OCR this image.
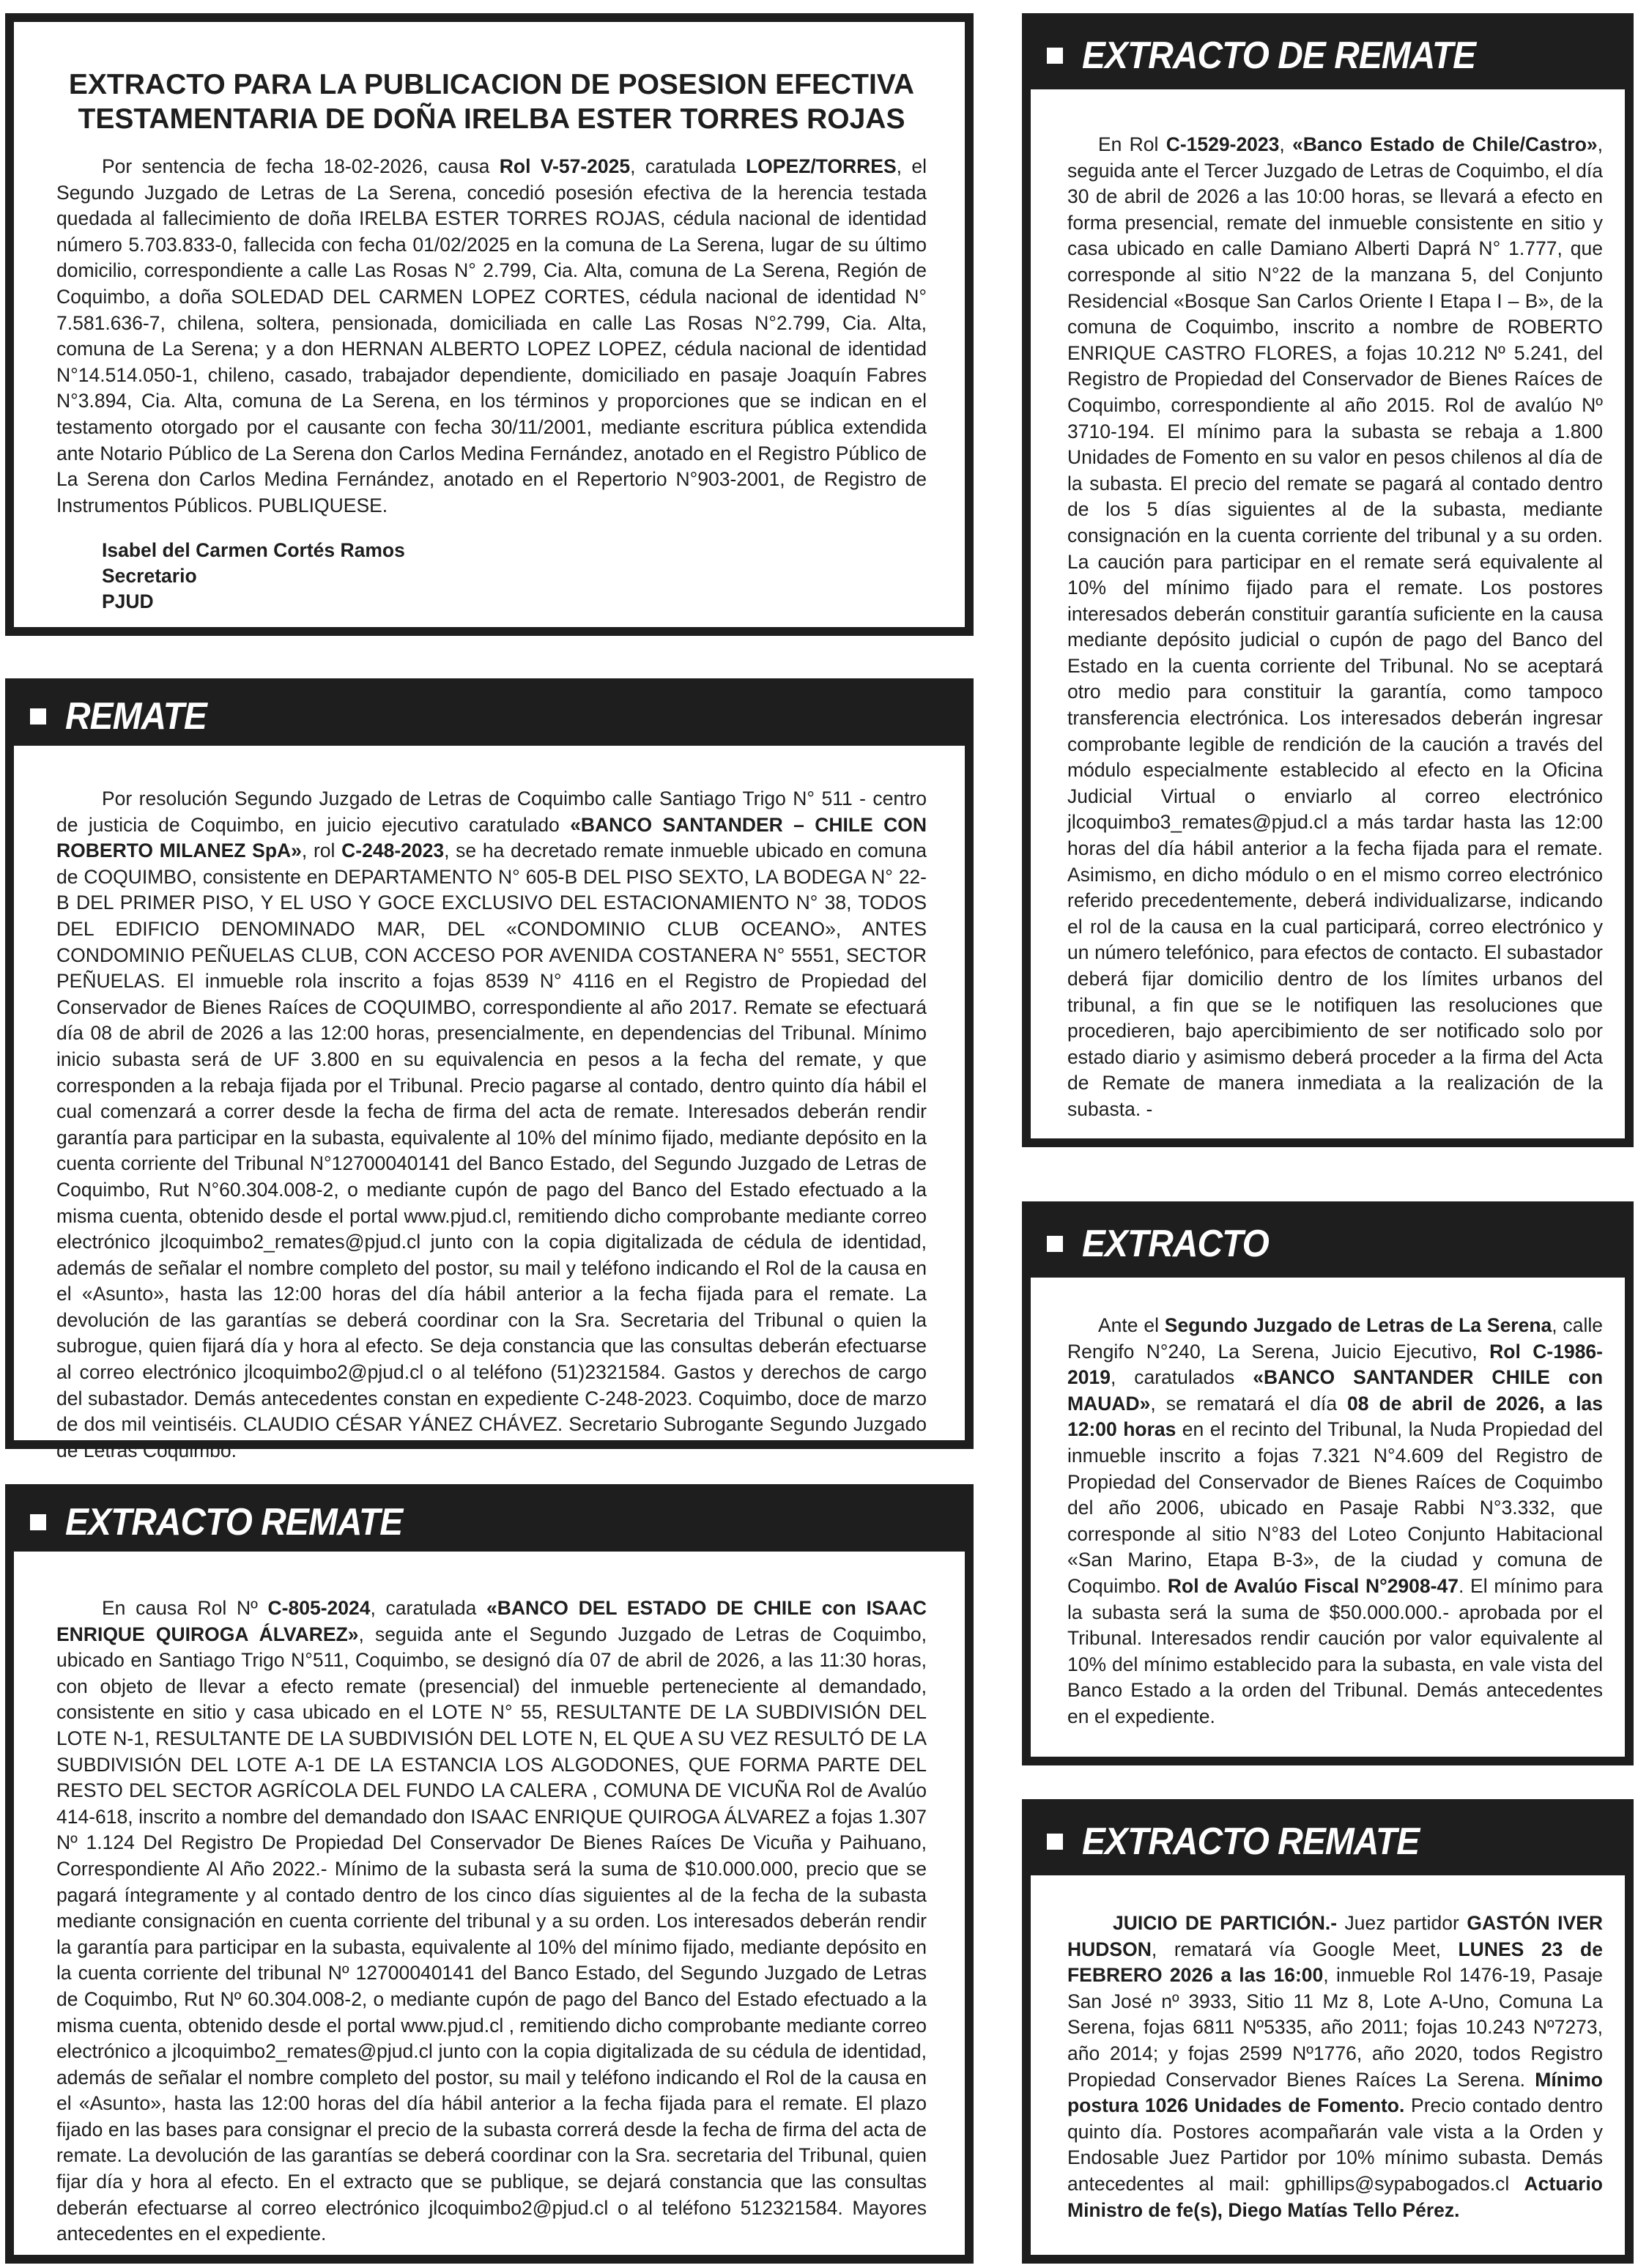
EXTRACTO PARA LA PUBLICACION DE POSESION EFECTIVA
TESTAMENTARIA DE DOÑA IRELBA ESTER TORRES ROJAS

Por sentencia de fecha 18-02-2026, causa Rol V-57-2025, caratulada LOPEZ/TORRES, el Segundo Juzgado de Letras de La Serena, concedió posesión efectiva de la herencia testada quedada al fallecimiento de doña IRELBA ESTER TORRES ROJAS, cédula nacional de identidad número 5.703.833-0, fallecida con fecha 01/02/2025 en la comuna de La Serena, lugar de su último domicilio, correspondiente a calle Las Rosas N° 2.799, Cia. Alta, comuna de La Serena, Región de Coquimbo, a doña SOLEDAD DEL CARMEN LOPEZ CORTES, cédula nacional de identidad N° 7.581.636-7, chilena, soltera, pensionada, domiciliada en calle Las Rosas N°2.799, Cia. Alta, comuna de La Serena; y a don HERNAN ALBERTO LOPEZ LOPEZ, cédula nacional de identidad N°14.514.050-1, chileno, casado, trabajador dependiente, domiciliado en pasaje Joaquín Fabres N°3.894, Cia. Alta, comuna de La Serena, en los términos y proporciones que se indican en el testamento otorgado por el causante con fecha 30/11/2001, mediante escritura pública extendida ante Notario Público de La Serena don Carlos Medina Fernández, anotado en el Registro Público de La Serena don Carlos Medina Fernández, anotado en el Repertorio N°903-2001, de Registro de Instrumentos Públicos. PUBLIQUESE.

Isabel del Carmen Cortés Ramos
Secretario
PJUD
REMATE

Por resolución Segundo Juzgado de Letras de Coquimbo calle Santiago Trigo N° 511 - centro de justicia de Coquimbo, en juicio ejecutivo caratulado «BANCO SANTANDER – CHILE CON ROBERTO MILANEZ SpA», rol C-248-2023, se ha decretado remate inmueble ubicado en comuna de COQUIMBO, consistente en DEPARTAMENTO N° 605-B DEL PISO SEXTO, LA BODEGA N° 22-B DEL PRIMER PISO, Y EL USO Y GOCE EXCLUSIVO DEL ESTACIONAMIENTO N° 38, TODOS DEL EDIFICIO DENOMINADO MAR, DEL «CONDOMINIO CLUB OCEANO», ANTES CONDOMINIO PEÑUELAS CLUB, CON ACCESO POR AVENIDA COSTANERA N° 5551, SECTOR PEÑUELAS. El inmueble rola inscrito a fojas 8539 N° 4116 en el Registro de Propiedad del Conservador de Bienes Raíces de COQUIMBO, correspondiente al año 2017. Remate se efectuará día 08 de abril de 2026 a las 12:00 horas, presencialmente, en dependencias del Tribunal. Mínimo inicio subasta será de UF 3.800 en su equivalencia en pesos a la fecha del remate, y que corresponden a la rebaja fijada por el Tribunal. Precio pagarse al contado, dentro quinto día hábil el cual comenzará a correr desde la fecha de firma del acta de remate. Interesados deberán rendir garantía para participar en la subasta, equivalente al 10% del mínimo fijado, mediante depósito en la cuenta corriente del Tribunal N°12700040141 del Banco Estado, del Segundo Juzgado de Letras de Coquimbo, Rut N°60.304.008-2, o mediante cupón de pago del Banco del Estado efectuado a la misma cuenta, obtenido desde el portal www.pjud.cl, remitiendo dicho comprobante mediante correo electrónico jlcoquimbo2_remates@pjud.cl junto con la copia digitalizada de cédula de identidad, además de señalar el nombre completo del postor, su mail y teléfono indicando el Rol de la causa en el «Asunto», hasta las 12:00 horas del día hábil anterior a la fecha fijada para el remate. La devolución de las garantías se deberá coordinar con la Sra. Secretaria del Tribunal o quien la subrogue, quien fijará día y hora al efecto. Se deja constancia que las consultas deberán efectuarse al correo electrónico jlcoquimbo2@pjud.cl o al teléfono (51)2321584. Gastos y derechos de cargo del subastador. Demás antecedentes constan en expediente C-248-2023. Coquimbo, doce de marzo de dos mil veintiséis. CLAUDIO CÉSAR YÁNEZ CHÁVEZ. Secretario Subrogante Segundo Juzgado de Letras Coquimbo.

EXTRACTO REMATE

En causa Rol Nº C-805-2024, caratulada «BANCO DEL ESTADO DE CHILE con ISAAC ENRIQUE QUIROGA ÁLVAREZ», seguida ante el Segundo Juzgado de Letras de Coquimbo, ubicado en Santiago Trigo N°511, Coquimbo, se designó día 07 de abril de 2026, a las 11:30 horas, con objeto de llevar a efecto remate (presencial) del inmueble perteneciente al demandado, consistente en sitio y casa ubicado en el LOTE N° 55, RESULTANTE DE LA SUBDIVISIÓN DEL LOTE N-1, RESULTANTE DE LA SUBDIVISIÓN DEL LOTE N, EL QUE A SU VEZ RESULTÓ DE LA SUBDIVISIÓN DEL LOTE A-1 DE LA ESTANCIA LOS ALGODONES, QUE FORMA PARTE DEL RESTO DEL SECTOR AGRÍCOLA DEL FUNDO LA CALERA , COMUNA DE VICUÑA Rol de Avalúo 414-618, inscrito a nombre del demandado don ISAAC ENRIQUE QUIROGA ÁLVAREZ a fojas 1.307 Nº 1.124 Del Registro De Propiedad Del Conservador De Bienes Raíces De Vicuña y Paihuano, Correspondiente Al Año 2022.- Mínimo de la subasta será la suma de $10.000.000, precio que se pagará íntegramente y al contado dentro de los cinco días siguientes al de la fecha de la subasta mediante consignación en cuenta corriente del tribunal y a su orden. Los interesados deberán rendir la garantía para participar en la subasta, equivalente al 10% del mínimo fijado, mediante depósito en la cuenta corriente del tribunal Nº 12700040141 del Banco Estado, del Segundo Juzgado de Letras de Coquimbo, Rut Nº 60.304.008-2, o mediante cupón de pago del Banco del Estado efectuado a la misma cuenta, obtenido desde el portal www.pjud.cl , remitiendo dicho comprobante mediante correo electrónico a jlcoquimbo2_remates@pjud.cl junto con la copia digitalizada de su cédula de identidad, además de señalar el nombre completo del postor, su mail y teléfono indicando el Rol de la causa en el «Asunto», hasta las 12:00 horas del día hábil anterior a la fecha fijada para el remate. El plazo fijado en las bases para consignar el precio de la subasta correrá desde la fecha de firma del acta de remate. La devolución de las garantías se deberá coordinar con la Sra. secretaria del Tribunal, quien fijar día y hora al efecto. En el extracto que se publique, se dejará constancia que las consultas deberán efectuarse al correo electrónico jlcoquimbo2@pjud.cl o al teléfono 512321584. Mayores antecedentes en el expediente.

EXTRACTO DE REMATE

En Rol C-1529-2023, «Banco Estado de Chile/Castro», seguida ante el Tercer Juzgado de Letras de Coquimbo, el día 30 de abril de 2026 a las 10:00 horas, se llevará a efecto en forma presencial, remate del inmueble consistente en sitio y casa ubicado en calle Damiano Alberti Daprá N° 1.777, que corresponde al sitio N°22 de la manzana 5, del Conjunto Residencial «Bosque San Carlos Oriente I Etapa I – B», de la comuna de Coquimbo, inscrito a nombre de ROBERTO ENRIQUE CASTRO FLORES, a fojas 10.212 Nº 5.241, del Registro de Propiedad del Conservador de Bienes Raíces de Coquimbo, correspondiente al año 2015. Rol de avalúo Nº 3710-194. El mínimo para la subasta se rebaja a 1.800 Unidades de Fomento en su valor en pesos chilenos al día de la subasta. El precio del remate se pagará al contado dentro de los 5 días siguientes al de la subasta, mediante consignación en la cuenta corriente del tribunal y a su orden. La caución para participar en el remate será equivalente al 10% del mínimo fijado para el remate. Los postores interesados deberán constituir garantía suficiente en la causa mediante depósito judicial o cupón de pago del Banco del Estado en la cuenta corriente del Tribunal. No se aceptará otro medio para constituir la garantía, como tampoco transferencia electrónica. Los interesados deberán ingresar comprobante legible de rendición de la caución a través del módulo especialmente establecido al efecto en la Oficina Judicial Virtual o enviarlo al correo electrónico jlcoquimbo3_remates@pjud.cl a más tardar hasta las 12:00 horas del día hábil anterior a la fecha fijada para el remate. Asimismo, en dicho módulo o en el mismo correo electrónico referido precedentemente, deberá individualizarse, indicando el rol de la causa en la cual participará, correo electrónico y un número telefónico, para efectos de contacto. El subastador deberá fijar domicilio dentro de los límites urbanos del tribunal, a fin que se le notifiquen las resoluciones que procedieren, bajo apercibimiento de ser notificado solo por estado diario y asimismo deberá proceder a la firma del Acta de Remate de manera inmediata a la realización de la subasta. -

EXTRACTO

Ante el Segundo Juzgado de Letras de La Serena, calle Rengifo N°240, La Serena, Juicio Ejecutivo, Rol C-1986-2019, caratulados «BANCO SANTANDER CHILE con MAUAD», se rematará el día 08 de abril de 2026, a las 12:00 horas en el recinto del Tribunal, la Nuda Propiedad del inmueble inscrito a fojas 7.321 N°4.609 del Registro de Propiedad del Conservador de Bienes Raíces de Coquimbo del año 2006, ubicado en Pasaje Rabbi N°3.332, que corresponde al sitio N°83 del Loteo Conjunto Habitacional «San Marino, Etapa B-3», de la ciudad y comuna de Coquimbo. Rol de Avalúo Fiscal N°2908-47. El mínimo para la subasta será la suma de $50.000.000.- aprobada por el Tribunal. Interesados rendir caución por valor equivalente al 10% del mínimo establecido para la subasta, en vale vista del Banco Estado a la orden del Tribunal. Demás antecedentes en el expediente.

EXTRACTO REMATE

JUICIO DE PARTICIÓN.- Juez partidor GASTÓN IVER HUDSON, rematará vía Google Meet, LUNES 23 de FEBRERO 2026 a las 16:00, inmueble Rol 1476-19, Pasaje San José nº 3933, Sitio 11 Mz 8, Lote A-Uno, Comuna La Serena, fojas 6811 Nº5335, año 2011; fojas 10.243 Nº7273, año 2014; y fojas 2599 Nº1776, año 2020, todos Registro Propiedad Conservador Bienes Raíces La Serena. Mínimo postura 1026 Unidades de Fomento. Precio contado dentro quinto día. Postores acompañarán vale vista a la Orden y Endosable Juez Partidor por 10% mínimo subasta. Demás antecedentes al mail: gphillips@sypabogados.cl Actuario Ministro de fe(s), Diego Matías Tello Pérez.
